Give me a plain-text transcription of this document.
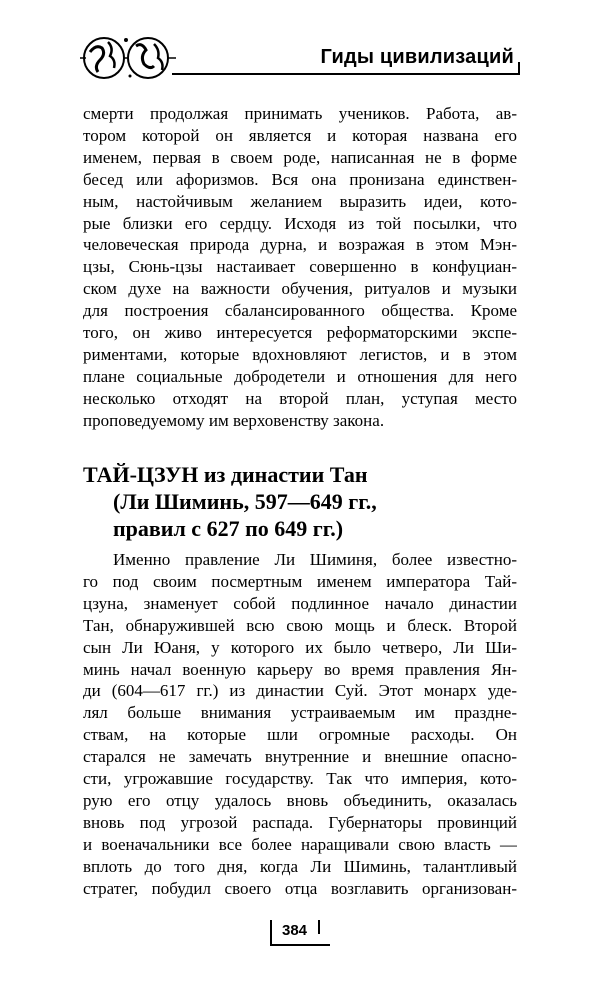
Гиды цивилизаций
смерти продолжая принимать учеников. Работа, ав-
тором которой он является и которая названа его
именем, первая в своем роде, написанная не в форме
бесед или афоризмов. Вся она пронизана единствен-
ным, настойчивым желанием выразить идеи, кото-
рые близки его сердцу. Исходя из той посылки, что
человеческая природа дурна, и возражая в этом Мэн-
цзы, Сюнь-цзы настаивает совершенно в конфуциан-
ском духе на важности обучения, ритуалов и музыки
для построения сбалансированного общества. Кроме
того, он живо интересуется реформаторскими экспе-
риментами, которые вдохновляют легистов, и в этом
плане социальные добродетели и отношения для него
несколько отходят на второй план, уступая место
проповедуемому им верховенству закона.
ТАЙ-ЦЗУН из династии Тан
(Ли Шиминь, 597—649 гг.,
правил с 627 по 649 гг.)
Именно правление Ли Шиминя, более известно-
го под своим посмертным именем императора Тай-
цзуна, знаменует собой подлинное начало династии
Тан, обнаружившей всю свою мощь и блеск. Второй
сын Ли Юаня, у которого их было четверо, Ли Ши-
минь начал военную карьеру во время правления Ян-
ди (604—617 гг.) из династии Суй. Этот монарх уде-
лял больше внимания устраиваемым им праздне-
ствам, на которые шли огромные расходы. Он
старался не замечать внутренние и внешние опасно-
сти, угрожавшие государству. Так что империя, кото-
рую его отцу удалось вновь объединить, оказалась
вновь под угрозой распада. Губернаторы провинций
и военачальники все более наращивали свою власть —
вплоть до того дня, когда Ли Шиминь, талантливый
стратег, побудил своего отца возглавить организован-
384
